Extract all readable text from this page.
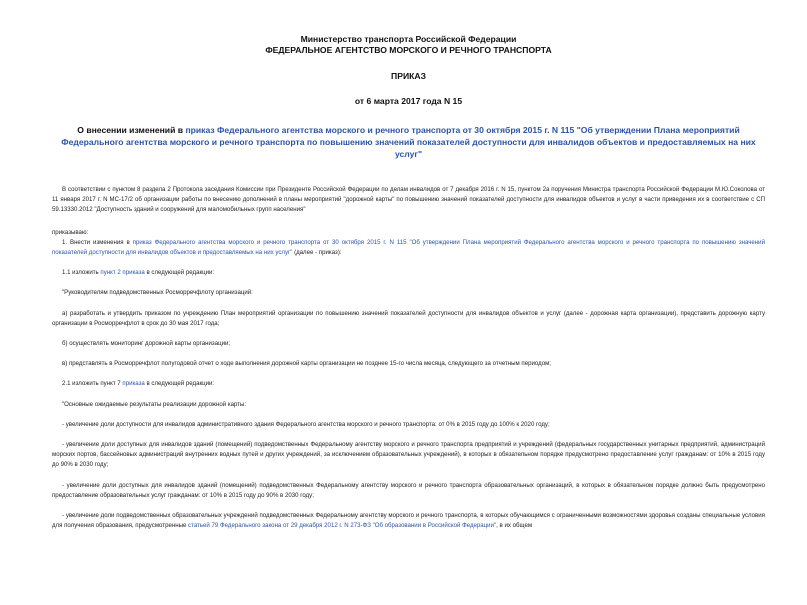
Министерство транспорта Российской Федерации
ФЕДЕРАЛЬНОЕ АГЕНТСТВО МОРСКОГО И РЕЧНОГО ТРАНСПОРТА
ПРИКАЗ
от 6 марта 2017 года N 15
О внесении изменений в приказ Федерального агентства морского и речного транспорта от 30 октября 2015 г. N 115 "Об утверждении Плана мероприятий Федерального агентства морского и речного транспорта по повышению значений показателей доступности для инвалидов объектов и предоставляемых на них услуг"

В соответствии с пунктом 8 раздела 2 Протокола заседания Комиссии при Президенте Российской Федерации по делам инвалидов от 7 декабря 2016 г. N 15, пунктом 2а поручения Министра транспорта Российской Федерации М.Ю.Соколова от 11 января 2017 г. N МС-17/2 об организации работы по внесению дополнений в планы мероприятий "дорожной карты" по повышению значений показателей доступности для инвалидов объектов и услуг в части приведения их в соответствие с СП 59.13330.2012 "Доступность зданий и сооружений для маломобильных групп населения"

приказываю:

1. Внести изменения в приказ Федерального агентства морского и речного транспорта от 30 октября 2015 г. N 115 "Об утверждении Плана мероприятий Федерального агентства морского и речного транспорта по повышению значений показателей доступности для инвалидов объектов и предоставляемых на них услуг" (далее - приказ):

1.1 изложить пункт 2 приказа в следующей редакции:

"Руководителям подведомственных Росморречфлоту организаций:

а) разработать и утвердить приказом по учреждению План мероприятий организации по повышению значений показателей доступности для инвалидов объектов и услуг (далее - дорожная карта организации), представить дорожную карту организации в Росморречфлот в срок до 30 мая 2017 года;

б) осуществлять мониторинг дорожной карты организации;

в) представлять в Росморречфлот полугодовой отчет о ходе выполнения дорожной карты организации не позднее 15-го числа месяца, следующего за отчетным периодом;

2.1 изложить пункт 7 приказа в следующей редакции:

"Основные ожидаемые результаты реализации дорожной карты:

- увеличение доли доступности для инвалидов административного здания Федерального агентства морского и речного транспорта: от 0% в 2015 году до 100% к 2020 году;

- увеличение доли доступных для инвалидов зданий (помещений) подведомственных Федеральному агентству морского и речного транспорта предприятий и учреждений (федеральных государственных унитарных предприятий, администраций морских портов, бассейновых администраций внутренних водных путей и других учреждений, за исключением образовательных учреждений), в которых в обязательном порядке предусмотрено предоставление услуг гражданам: от 10% в 2015 году до 90% в 2030 году;

- увеличение доли доступных для инвалидов зданий (помещений) подведомственных Федеральному агентству морского и речного транспорта образовательных организаций, в которых в обязательном порядке должно быть предусмотрено предоставление образовательных услуг гражданам: от 10% в 2015 году до 90% в 2030 году;

- увеличение доли подведомственных образовательных учреждений подведомственных Федеральному агентству морского и речного транспорта, в которых обучающимся с ограниченными возможностями здоровья созданы специальные условия для получения образования, предусмотренные статьей 79 Федерального закона от 29 декабря 2012 г. N 273-ФЗ "Об образовании в Российской Федерации", в их общем
